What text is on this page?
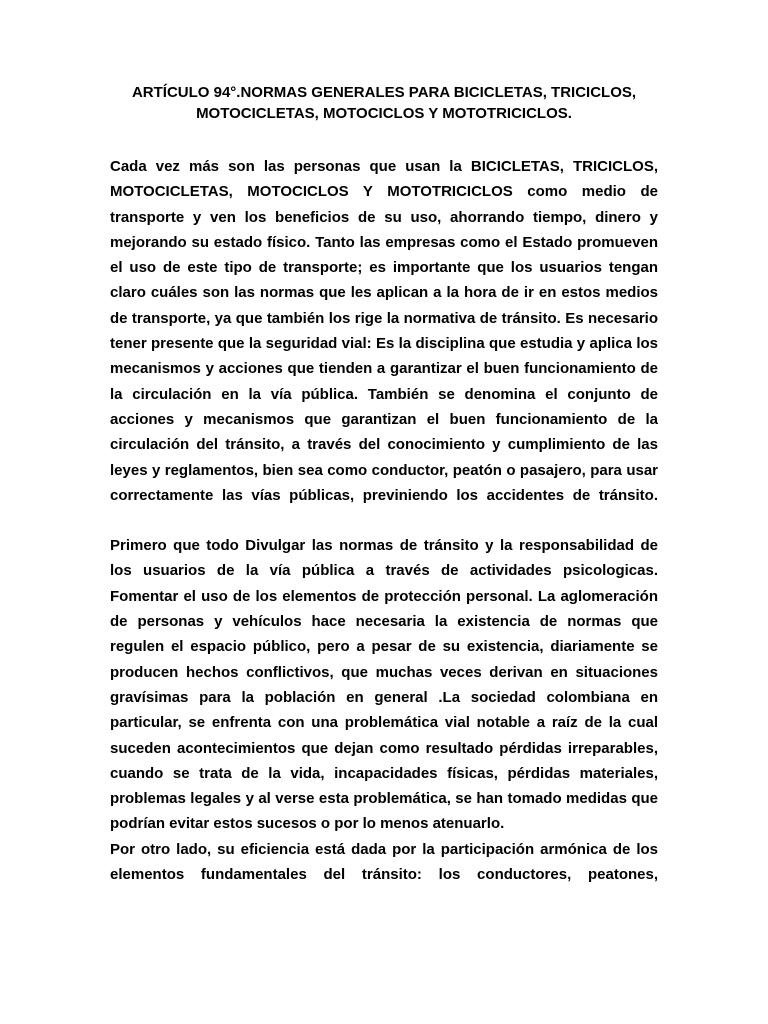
ARTÍCULO 94°.NORMAS GENERALES PARA BICICLETAS, TRICICLOS,
MOTOCICLETAS, MOTOCICLOS Y MOTOTRICICLOS.

Cada vez más son las personas que usan la BICICLETAS, TRICICLOS, MOTOCICLETAS, MOTOCICLOS Y MOTOTRICICLOS como medio de transporte y ven los beneficios de su uso, ahorrando tiempo, dinero y mejorando su estado físico. Tanto las empresas como el Estado promueven el uso de este tipo de transporte; es importante que los usuarios tengan claro cuáles son las normas que les aplican a la hora de ir en estos medios de transporte, ya que también los rige la normativa de tránsito. Es necesario tener presente que la seguridad vial: Es la disciplina que estudia y aplica los mecanismos y acciones que tienden a garantizar el buen funcionamiento de la circulación en la vía pública. También se denomina el conjunto de acciones y mecanismos que garantizan el buen funcionamiento de la circulación del tránsito, a través del conocimiento y cumplimiento de las leyes y reglamentos, bien sea como conductor, peatón o pasajero, para usar correctamente las vías públicas, previniendo los accidentes de tránsito.

Primero que todo Divulgar las normas de tránsito y la responsabilidad de los usuarios de la vía pública a través de actividades psicologicas. Fomentar el uso de los elementos de protección personal. La aglomeración de personas y vehículos hace necesaria la existencia de normas que regulen el espacio público, pero a pesar de su existencia, diariamente se producen hechos conflictivos, que muchas veces derivan en situaciones gravísimas para la población en general .La sociedad colombiana en particular, se enfrenta con una problemática vial notable a raíz de la cual suceden acontecimientos que dejan como resultado pérdidas irreparables, cuando se trata de la vida, incapacidades físicas, pérdidas materiales, problemas legales y al verse esta problemática, se han tomado medidas que podrían evitar estos sucesos o por lo menos atenuarlo.

Por otro lado, su eficiencia está dada por la participación armónica de los elementos fundamentales del tránsito: los conductores, peatones,
